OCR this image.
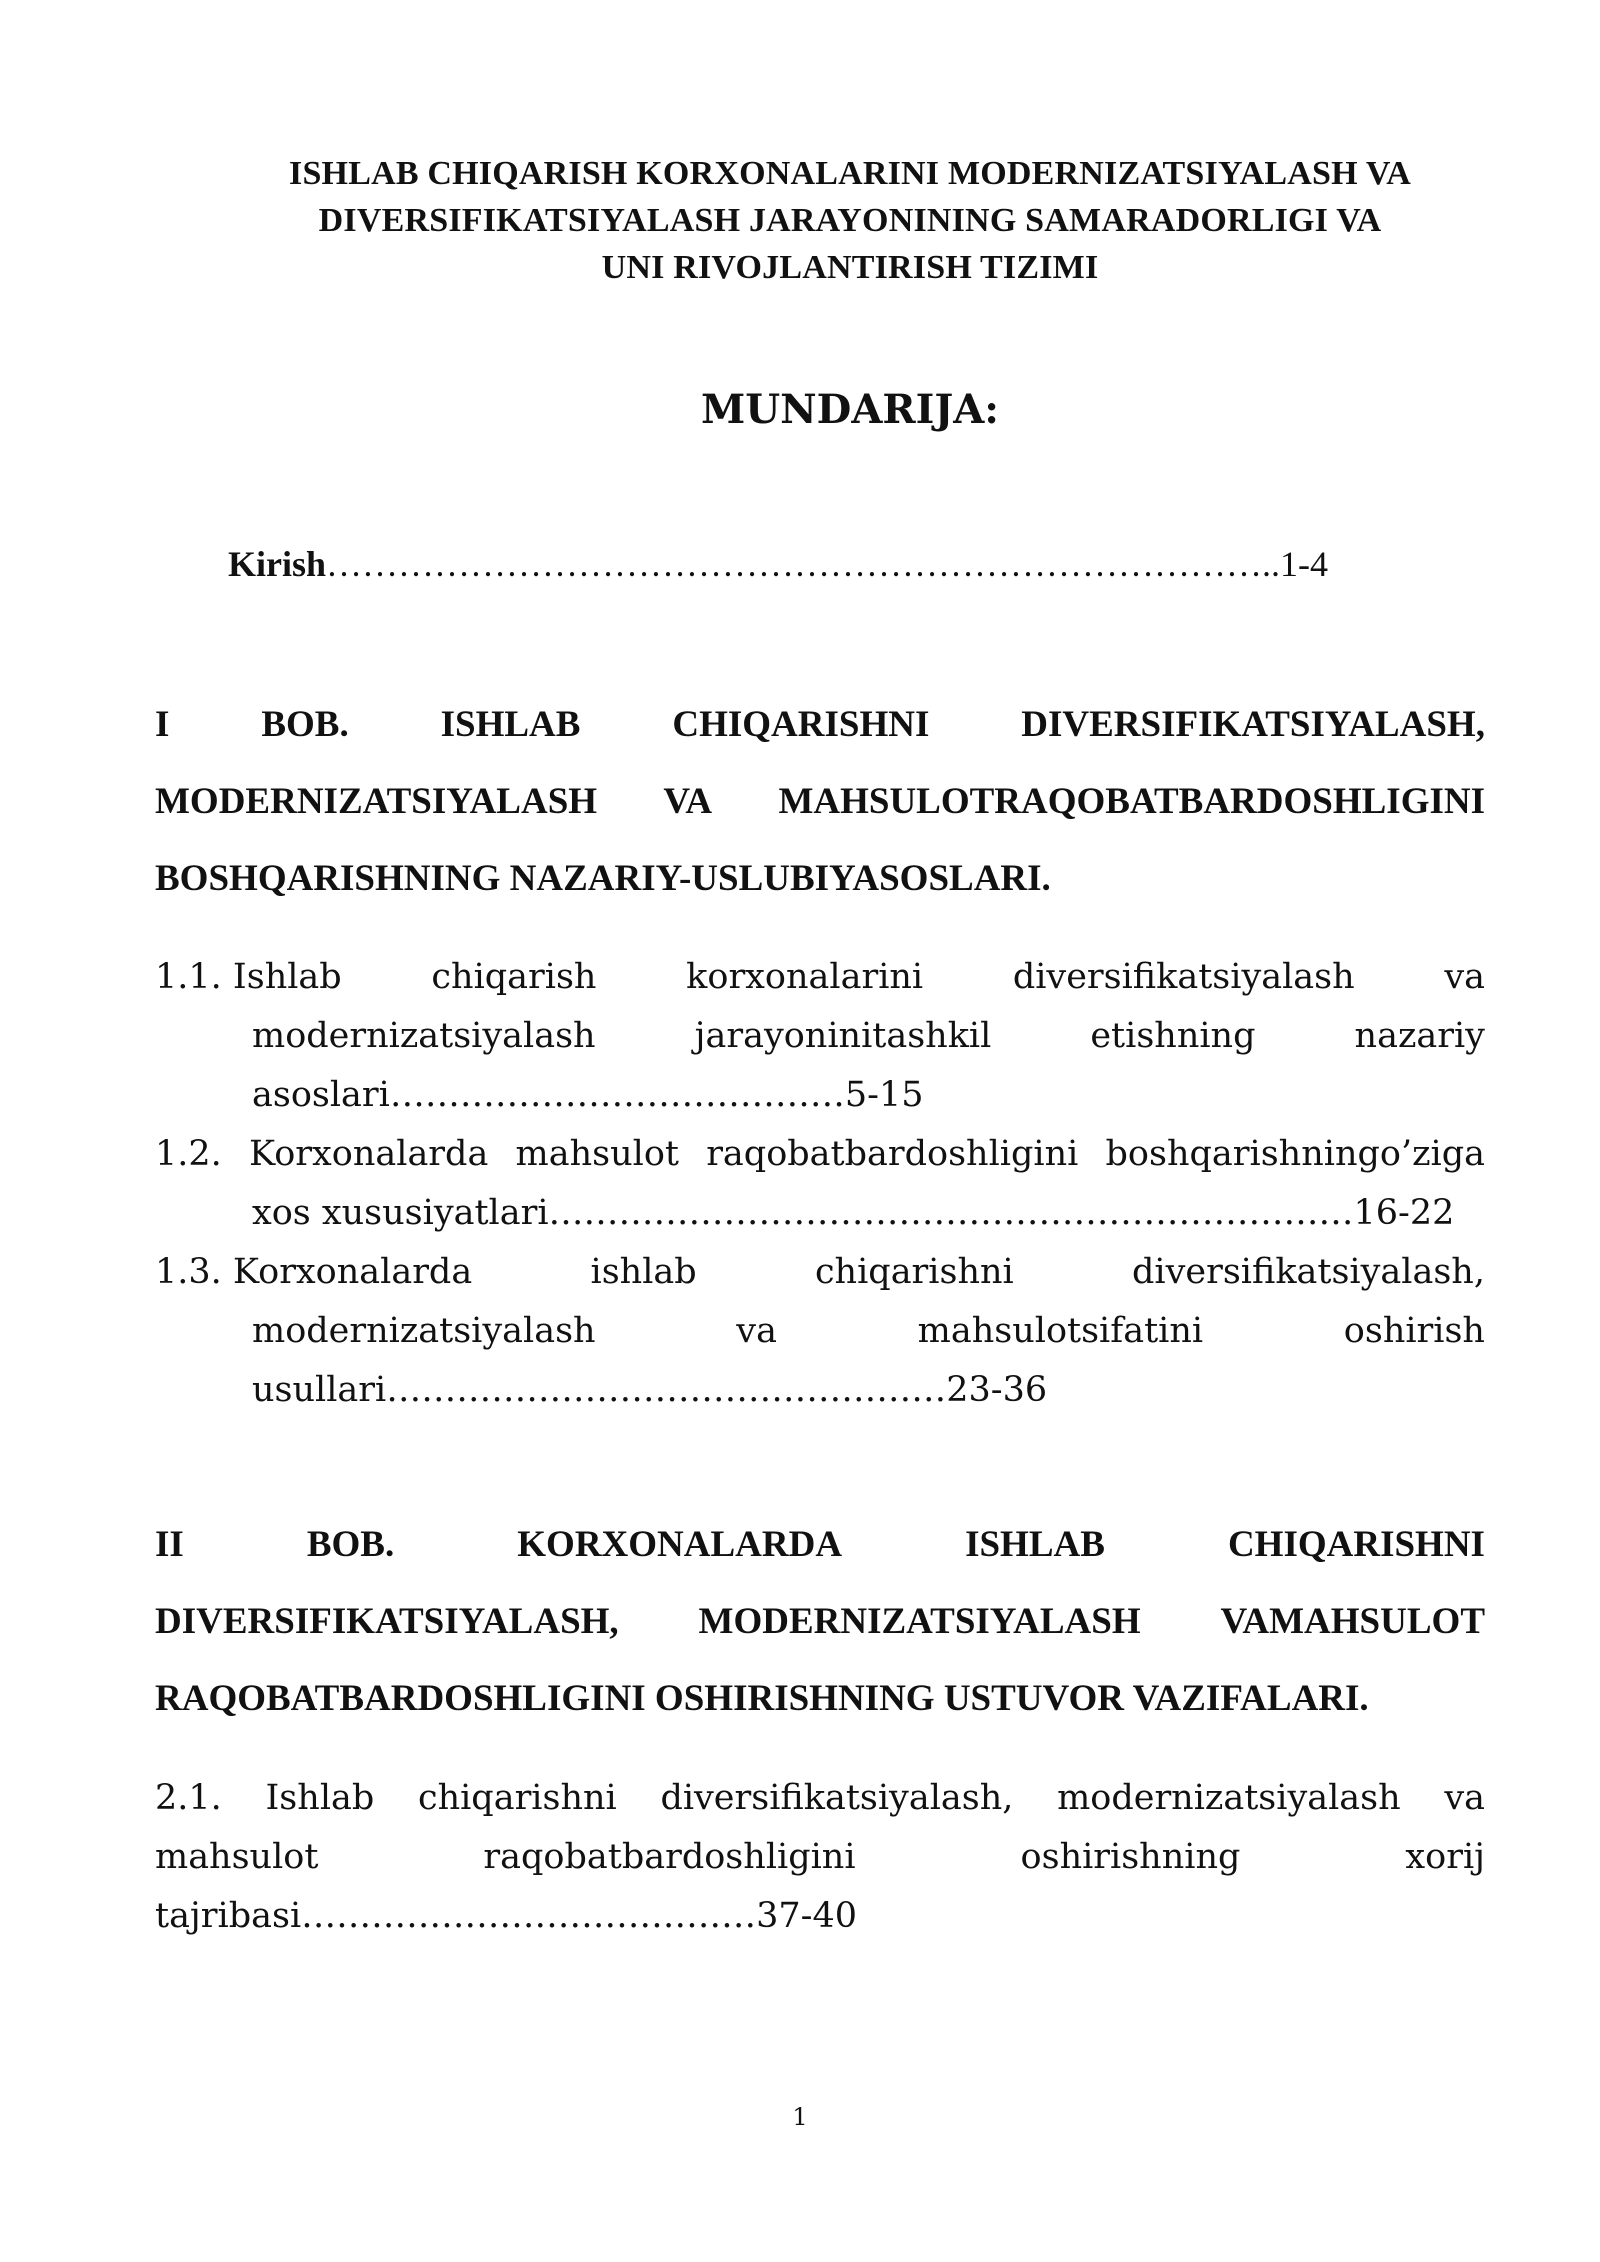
ISHLAB CHIQARISH KORXONALARINI MODERNIZATSIYALASH VA
DIVERSIFIKATSIYALASH JARAYONINING SAMARADORLIGI VA
UNI RIVOJLANTIRISH TIZIMI
MUNDARIJA:
Kirish……………………………………………………………………..1-4
I BOB. ISHLAB CHIQARISHNI DIVERSIFIKATSIYALASH,
MODERNIZATSIYALASH VA MAHSULOTRAQOBATBARDOSHLIGINI
BOSHQARISHNING NAZARIY-USLUBIYASOSLARI.
1.1. Ishlab	chiqarish	korxonalarini	diversifikatsiyalash	va
modernizatsiyalash	jarayoninitashkil	etishning	nazariy
asoslari…………………………………5-15
1.2. Korxonalarda mahsulot raqobatbardoshligini boshqarishningo’ziga
xos xususiyatlari……………………………………………………………16-22
1.3. Korxonalarda	ishlab	chiqarishni	diversifikatsiyalash,
modernizatsiyalash	va	mahsulotsifatini	oshirish
usullari…………………………………………23-36
II	BOB.	KORXONALARDA	ISHLAB	CHIQARISHNI
DIVERSIFIKATSIYALASH, MODERNIZATSIYALASH VAMAHSULOT
RAQOBATBARDOSHLIGINI OSHIRISHNING USTUVOR VAZIFALARI.
2.1. Ishlab chiqarishni diversifikatsiyalash, modernizatsiyalash va
mahsulot	raqobatbardoshligini	oshirishning	xorij
tajribasi…………………………………37-40
1
